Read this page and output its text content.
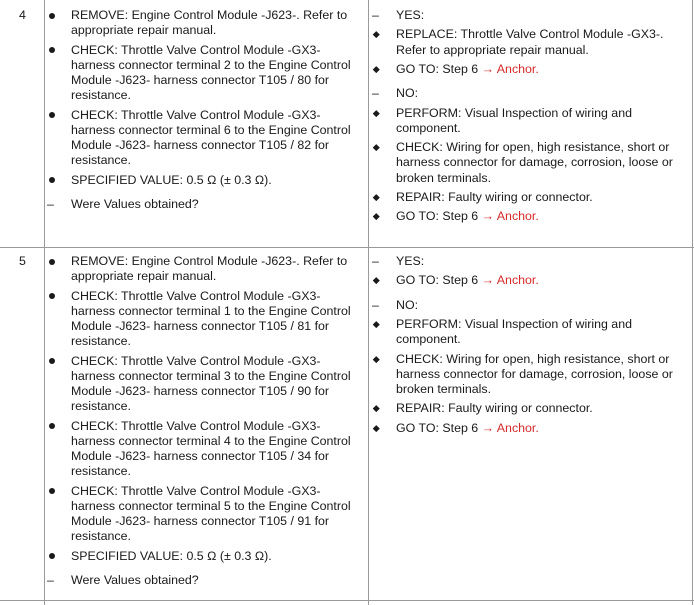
4	REMOVE: Engine Control Module -J623-. Refer to appropriate repair manual.
CHECK: Throttle Valve Control Module -GX3- harness connector terminal 2 to the Engine Control Module -J623- harness connector T105 / 80 for resistance.
CHECK: Throttle Valve Control Module -GX3- harness connector terminal 6 to the Engine Control Module -J623- harness connector T105 / 82 for resistance.
SPECIFIED VALUE: 0.5 Ω (± 0.3 Ω).
–
Were Values obtained?
–
YES:
REPLACE: Throttle Valve Control Module -GX3-. Refer to appropriate repair manual.
GO TO: Step 6 → Anchor.
–
NO:
PERFORM: Visual Inspection of wiring and component.
CHECK: Wiring for open, high resistance, short or harness connector for damage, corrosion, loose or broken terminals.
REPAIR: Faulty wiring or connector.
GO TO: Step 6 → Anchor.
5	REMOVE: Engine Control Module -J623-. Refer to appropriate repair manual.
CHECK: Throttle Valve Control Module -GX3- harness connector terminal 1 to the Engine Control Module -J623- harness connector T105 / 81 for resistance.
CHECK: Throttle Valve Control Module -GX3- harness connector terminal 3 to the Engine Control Module -J623- harness connector T105 / 90 for resistance.
CHECK: Throttle Valve Control Module -GX3- harness connector terminal 4 to the Engine Control Module -J623- harness connector T105 / 34 for resistance.
CHECK: Throttle Valve Control Module -GX3- harness connector terminal 5 to the Engine Control Module -J623- harness connector T105 / 91 for resistance.
SPECIFIED VALUE: 0.5 Ω (± 0.3 Ω).
–
Were Values obtained?
–
YES:
GO TO: Step 6 → Anchor.
–
NO:
PERFORM: Visual Inspection of wiring and component.
CHECK: Wiring for open, high resistance, short or harness connector for damage, corrosion, loose or broken terminals.
REPAIR: Faulty wiring or connector.
GO TO: Step 6 → Anchor.
